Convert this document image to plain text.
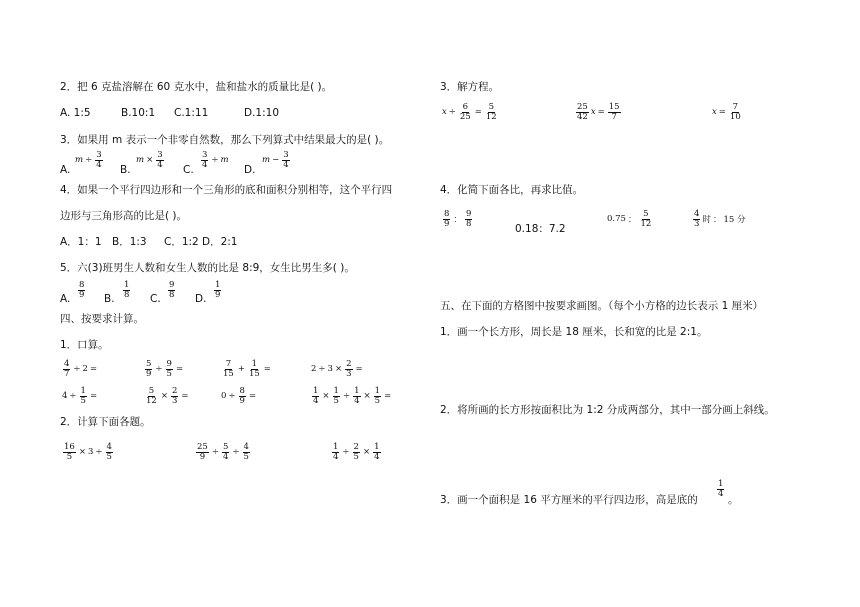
2．把 6 克盐溶解在 60 克水中，盐和盐水的质量比是( )。
A. 1:5	B.10:1 C.1:11	D.1:10
3．如果用 m 表示一个非零自然数，那么下列算式中结果最大的是( )。
A.
$m \div \frac{3}{4}$
B.
$m \times \frac{3}{4}$
C.
$\frac{3}{4} \div m$
D.
$m - \frac{3}{4}$
4．如果一个平行四边形和一个三角形的底和面积分别相等，这个平行四
边形与三角形高的比是( )。
A．1：1 B．1:3 C．1:2 D．2:1
5．六(3)班男生人数和女生人数的比是 8:9，女生比男生多( )。
A. $\frac{8}{9} B$. $\frac{1}{8} C$. $\frac{9}{8} D$. $\frac{1}{9}$
四、按要求计算。
1．口算。
$\frac{4}{7} \div 2$ =	$\frac{5}{9} \div \frac{9}{5}$ =	$\frac{7}{15} + \frac{1}{15}$ =	$2 \div 3 \times \frac{2}{3}$ =
$4 \div \frac{1}{5}$ =	$\frac{5}{12} \times \frac{2}{3}$ =	$0 \div \frac{8}{9}$ =	$\frac{1}{4} \times \frac{1}{5} \div \frac{1}{4} \times \frac{1}{5}$ =
2．计算下面各题。
$\frac{16}{5} \times 3 \div \frac{4}{5}$	$\frac{25}{9} \div \frac{5}{4} \div \frac{4}{5}$	$\frac{1}{4} \div \frac{2}{5} \times \frac{1}{4}$
3．解方程。
$x \div \frac{6}{25} = \frac{5}{12}$	$\frac{25}{42}$ $x = \frac{15}{7}$	$x = \frac{7}{10}$
4．化简下面各比，再求比值。
$\frac{8}{9}$ ： $\frac{9}{8}$
0.18：7.2
0.75 ： $\frac{5}{12}$	$\frac{4}{3}$ 时 ： 15 分
五、在下面的方格图中按要求画图。（每个小方格的边长表示 1 厘米）
1．画一个长方形，周长是 18 厘米，长和宽的比是 2:1。
2．将所画的长方形按面积比为 1:2 分成两部分，其中一部分画上斜线。
3．画一个面积是 16 平方厘米的平行四边形，高是底的
$\frac{1}{4}$
。
